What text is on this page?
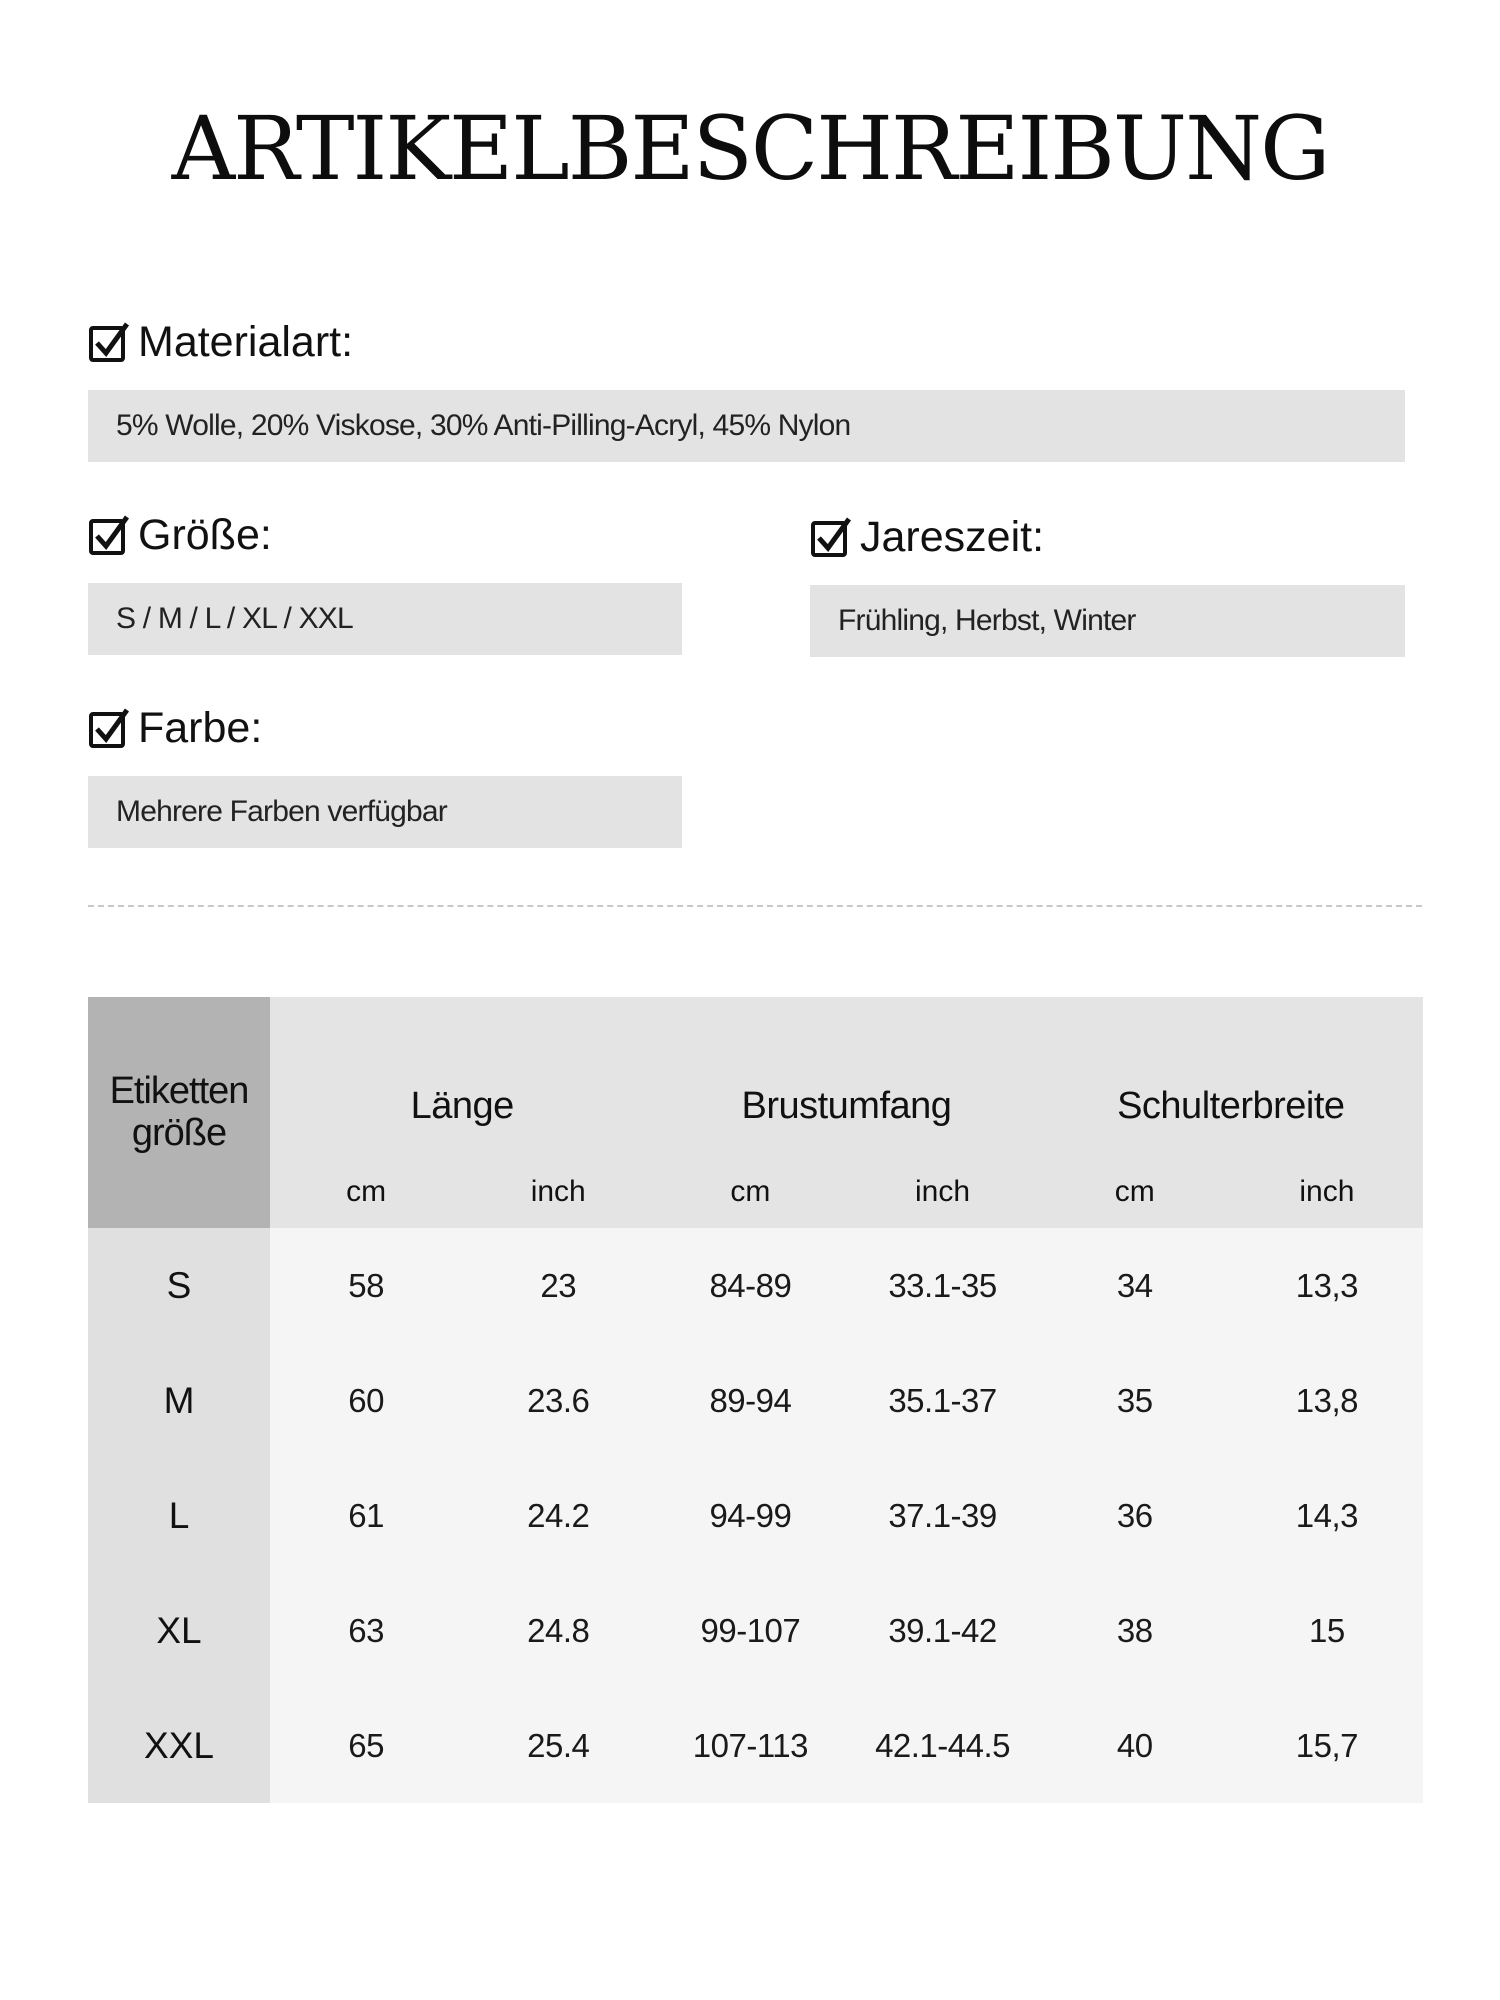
ARTIKELBESCHREIBUNG
Materialart:
5% Wolle, 20% Viskose, 30% Anti-Pilling-Acryl, 45% Nylon
Größe:
S / M / L / XL / XXL
Jareszeit:
Frühling, Herbst, Winter
Farbe:
Mehrere Farben verfügbar
Etiketten
größe	Länge		Brustumfang		Schulterbreite	
	cm	inch	cm	inch	cm	inch
S	58	23	84-89	33.1-35	34	13,3
M	60	23.6	89-94	35.1-37	35	13,8
L	61	24.2	94-99	37.1-39	36	14,3
XL	63	24.8	99-107	39.1-42	38	15
XXL	65	25.4	107-113	42.1-44.5	40	15,7
